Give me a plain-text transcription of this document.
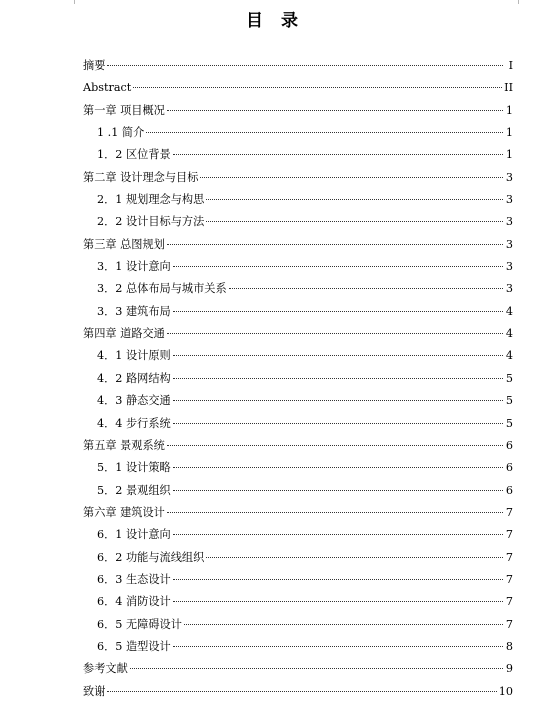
目 录
摘要	I
Abstract	II
第一章 项目概况	1
1 .1 简介	1
1．2 区位背景	1
第二章 设计理念与目标	3
2．1 规划理念与构思	3
2．2 设计目标与方法	3
第三章 总图规划	3
3．1 设计意向	3
3．2 总体布局与城市关系	3
3．3 建筑布局	4
第四章 道路交通	4
4．1 设计原则	4
4．2 路网结构	5
4．3 静态交通	5
4．4 步行系统	5
第五章 景观系统	6
5．1 设计策略	6
5．2 景观组织	6
第六章 建筑设计	7
6．1 设计意向	7
6．2 功能与流线组织	7
6．3 生态设计	7
6．4 消防设计	7
6．5 无障碍设计	7
6．5 造型设计	8
参考文献	9
致谢	10
